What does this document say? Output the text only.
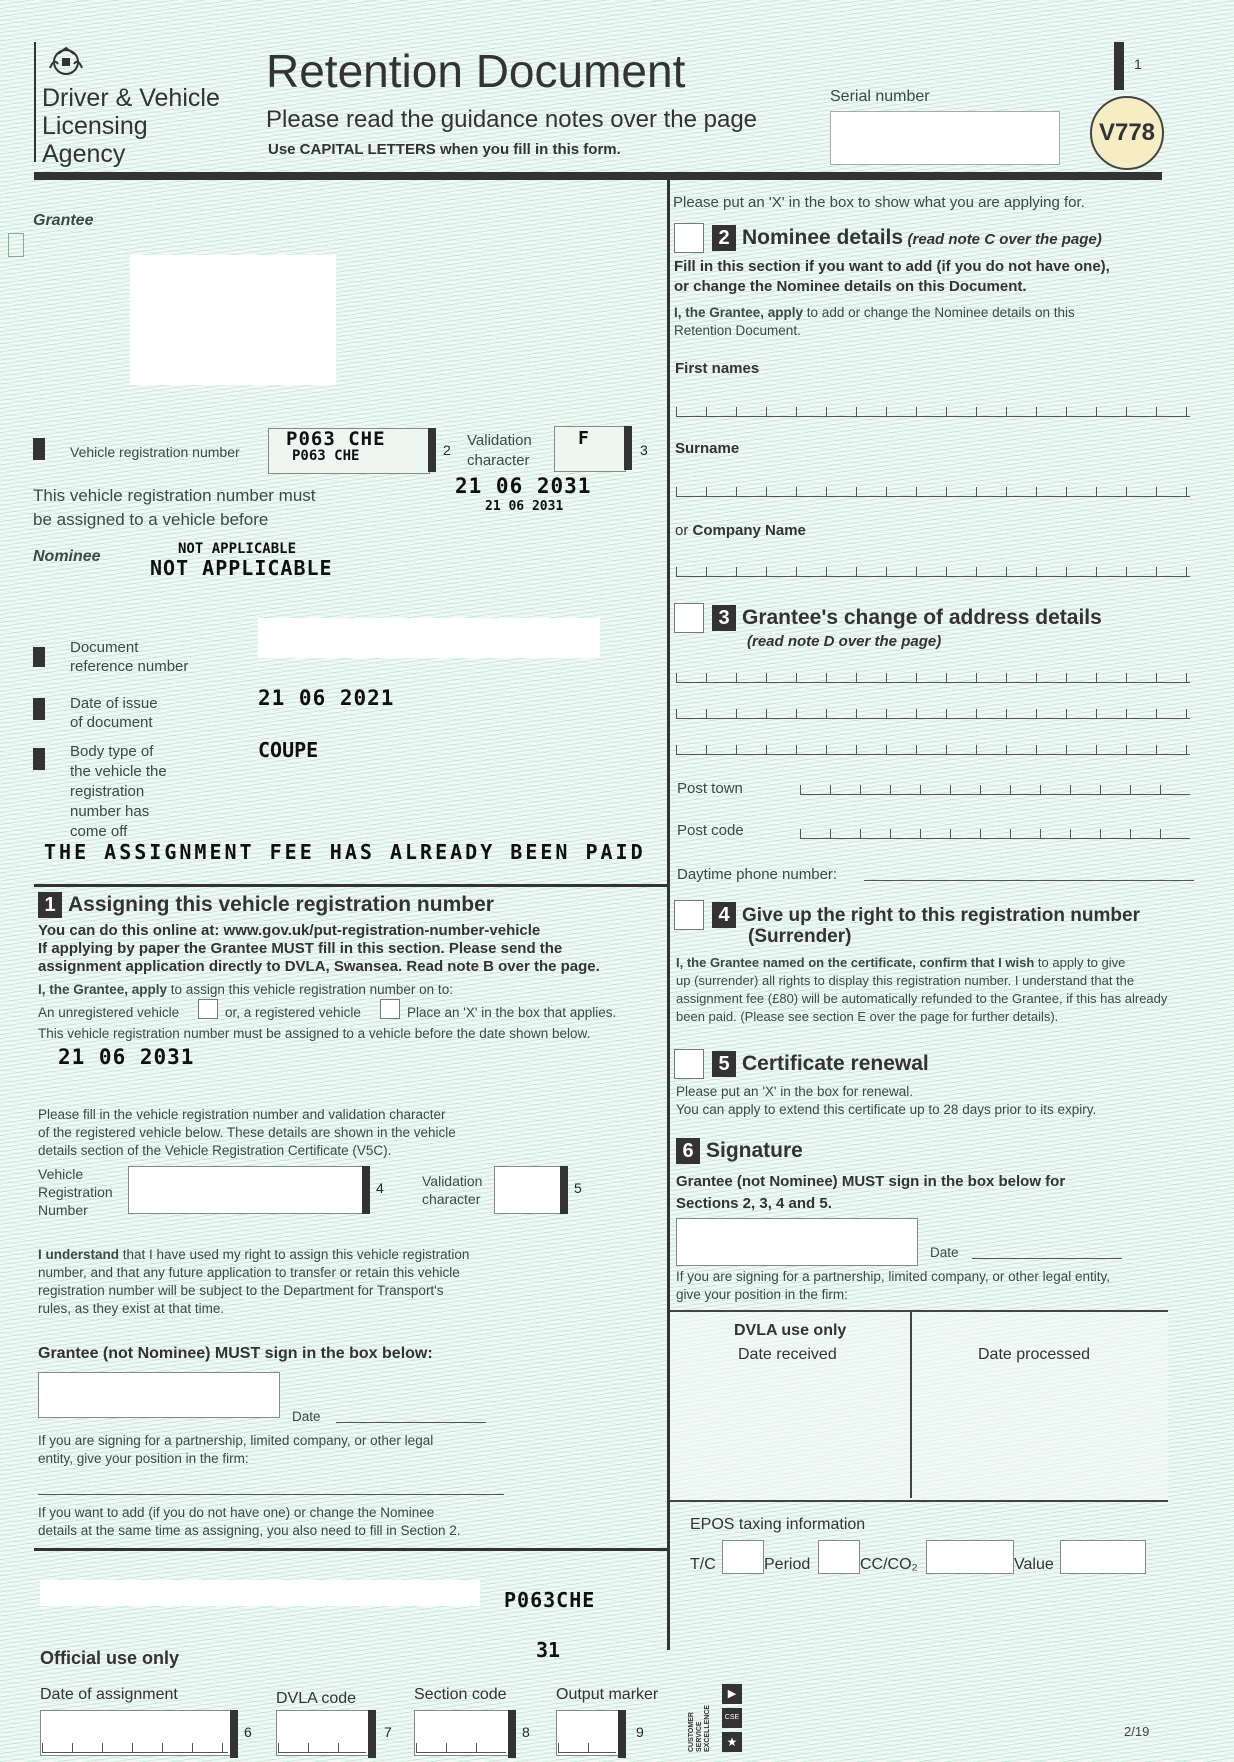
Driver & Vehicle
Licensing
Agency
Retention Document
Please read the guidance notes over the page
Use CAPITAL LETTERS when you fill in this form.
1
Serial number
V778
Grantee
Vehicle registration number
P063 CHE
P063 CHE	2
Validation
character
F
3
This vehicle registration number must
be assigned to a vehicle before
21 06 2031
21 06 2031
Nominee	NOT APPLICABLE
NOT APPLICABLE
Document
reference number
Date of issue
of document
21 06 2021
Body type of
the vehicle the
registration
number has
come off
COUPE
THE ASSIGNMENT FEE HAS ALREADY BEEN PAID
1 Assigning this vehicle registration number
You can do this online at: www.gov.uk/put-registration-number-vehicle
If applying by paper the Grantee MUST fill in this section. Please send the
assignment application directly to DVLA, Swansea. Read note B over the page.
I, the Grantee, apply to assign this vehicle registration number on to:
An unregistered vehicle	or, a registered vehicle	Place an 'X' in the box that applies.
This vehicle registration number must be assigned to a vehicle before the date shown below.
21 06 2031
Please fill in the vehicle registration number and validation character
of the registered vehicle below. These details are shown in the vehicle
details section of the Vehicle Registration Certificate (V5C).
Vehicle
Registration
Number
4	Validation
character
5
I understand that I have used my right to assign this vehicle registration
number, and that any future application to transfer or retain this vehicle
registration number will be subject to the Department for Transport's
rules, as they exist at that time.
Grantee (not Nominee) MUST sign in the box below:
Date
If you are signing for a partnership, limited company, or other legal
entity, give your position in the firm:
If you want to add (if you do not have one) or change the Nominee
details at the same time as assigning, you also need to fill in Section 2.
P063CHE
31
Official use only
Date of assignment
6
DVLA code
7
Section code
8
Output marker
9	CUSTOMER SERVICE EXCELLENCE
▶
CSE
★
2/19
Please put an 'X' in the box to show what you are applying for.
2 Nominee details (read note C over the page)
Fill in this section if you want to add (if you do not have one),
or change the Nominee details on this Document.
I, the Grantee, apply to add or change the Nominee details on this
Retention Document.
First names
Surname
or Company Name
3 Grantee's change of address details
(read note D over the page)
Post town
Post code
Daytime phone number:
4 Give up the right to this registration number
(Surrender)
I, the Grantee named on the certificate, confirm that I wish to apply to give
up (surrender) all rights to display this registration number. I understand that the
assignment fee (£80) will be automatically refunded to the Grantee, if this has already
been paid. (Please see section E over the page for further details).
5 Certificate renewal
Please put an 'X' in the box for renewal.
You can apply to extend this certificate up to 28 days prior to its expiry.
6 Signature
Grantee (not Nominee) MUST sign in the box below for
Sections 2, 3, 4 and 5.
Date
If you are signing for a partnership, limited company, or other legal entity,
give your position in the firm:
DVLA use only
Date received	Date processed
EPOS taxing information
T/C	Period	CC/CO₂	Value
